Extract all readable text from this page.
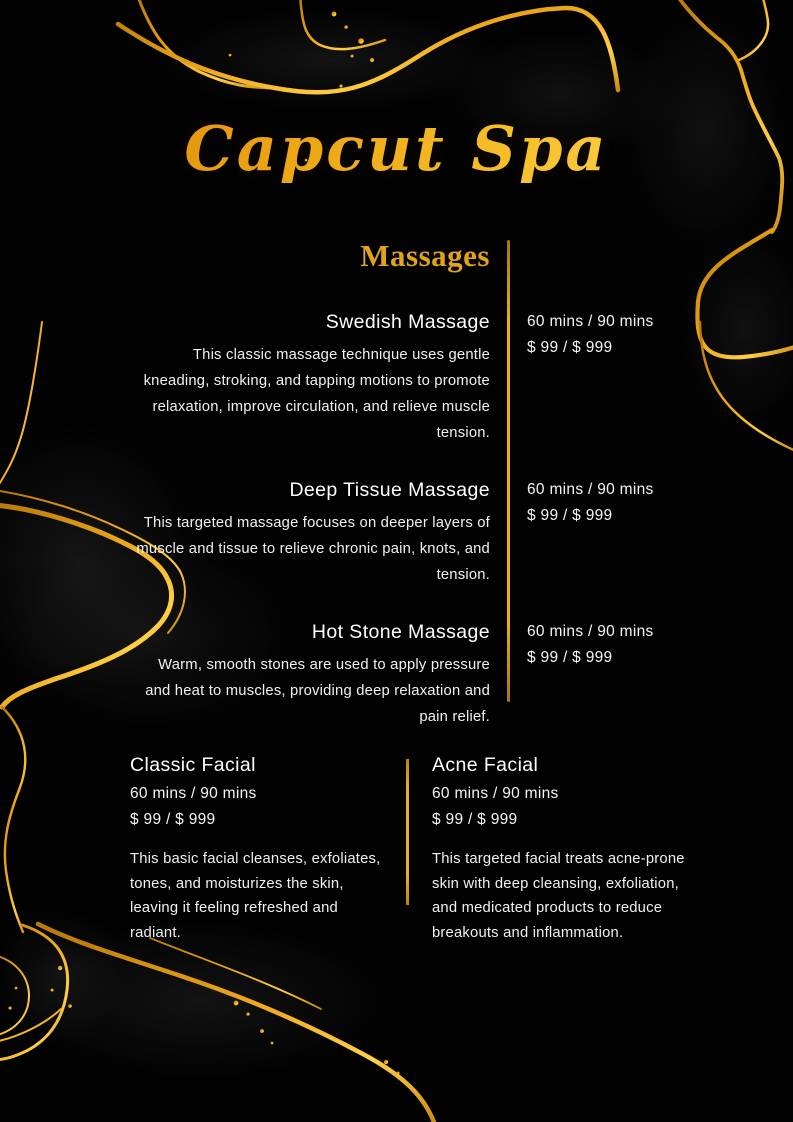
Capcut Spa
Massages
Swedish Massage

This classic massage technique uses gentle kneading, stroking, and tapping motions to promote relaxation, improve circulation, and relieve muscle tension.

60 mins / 90 mins
$ 99 / $ 999
Deep Tissue Massage

This targeted massage focuses on deeper layers of muscle and tissue to relieve chronic pain, knots, and tension.

60 mins / 90 mins
$ 99 / $ 999
Hot Stone Massage

Warm, smooth stones are used to apply pressure and heat to muscles, providing deep relaxation and pain relief.

60 mins / 90 mins
$ 99 / $ 999
Classic Facial
60 mins / 90 mins
$ 99 / $ 999

This basic facial cleanses, exfoliates, tones, and moisturizes the skin, leaving it feeling refreshed and radiant.

Acne Facial
60 mins / 90 mins
$ 99 / $ 999

This targeted facial treats acne-prone skin with deep cleansing, exfoliation, and medicated products to reduce breakouts and inflammation.
